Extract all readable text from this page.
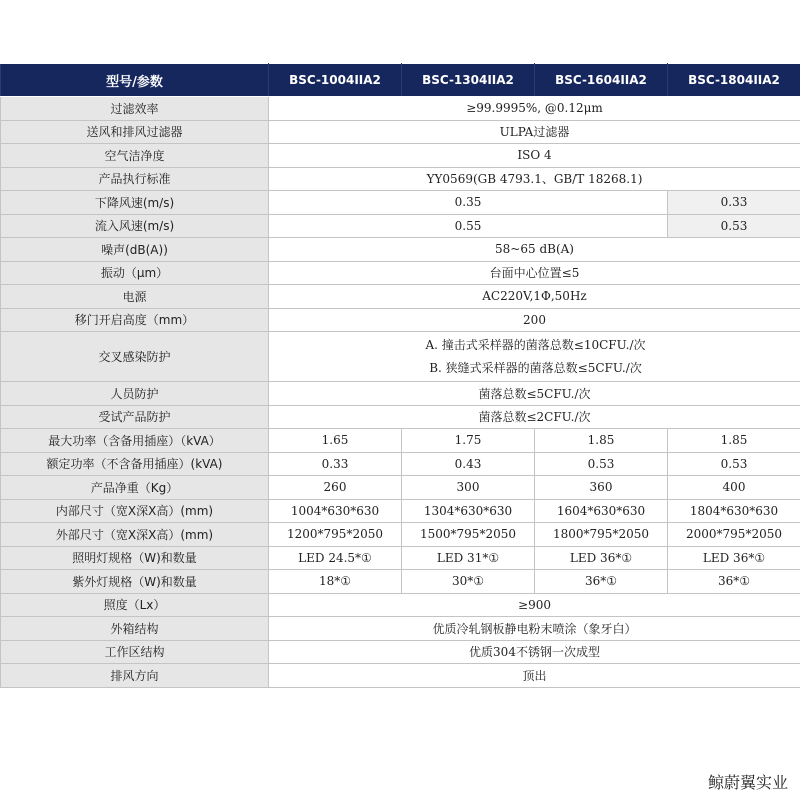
型号/参数	BSC-1004IIA2	BSC-1304IIA2	BSC-1604IIA2	BSC-1804IIA2
过滤效率	≥99.9995%, @0.12μm			
送风和排风过滤器	ULPA过滤器			
空气洁净度	ISO 4			
产品执行标准	YY0569(GB 4793.1、GB/T 18268.1)			
下降风速(m/s)	0.35			0.33
流入风速(m/s)	0.55			0.53
噪声(dB(A))	58~65 dB(A)			
振动（μm）	台面中心位置≤5			
电源	AC220V,1Φ,50Hz			
移门开启高度（mm）	200			
交叉感染防护	A. 撞击式采样器的菌落总数≤10CFU./次
B. 狭缝式采样器的菌落总数≤5CFU./次			

人员防护	菌落总数≤5CFU./次			
受试产品防护	菌落总数≤2CFU./次			
最大功率（含备用插座）（kVA）	1.65	1.75	1.85	1.85
额定功率（不含备用插座）(kVA)	0.33	0.43	0.53	0.53
产品净重（Kg）	260	300	360	400
内部尺寸（宽X深X高）(mm)	1004*630*630	1304*630*630	1604*630*630	1804*630*630
外部尺寸（宽X深X高）(mm)	1200*795*2050	1500*795*2050	1800*795*2050	2000*795*2050
照明灯规格（W)和数量	LED 24.5*①	LED 31*①	LED 36*①	LED 36*①
紫外灯规格（W)和数量	18*①	30*①	36*①	36*①
照度（Lx）	≥900			
外箱结构	优质冷轧钢板静电粉末喷涂（象牙白）			
工作区结构	优质304不锈钢一次成型			
排风方向	顶出			
鲸蔚翼实业
